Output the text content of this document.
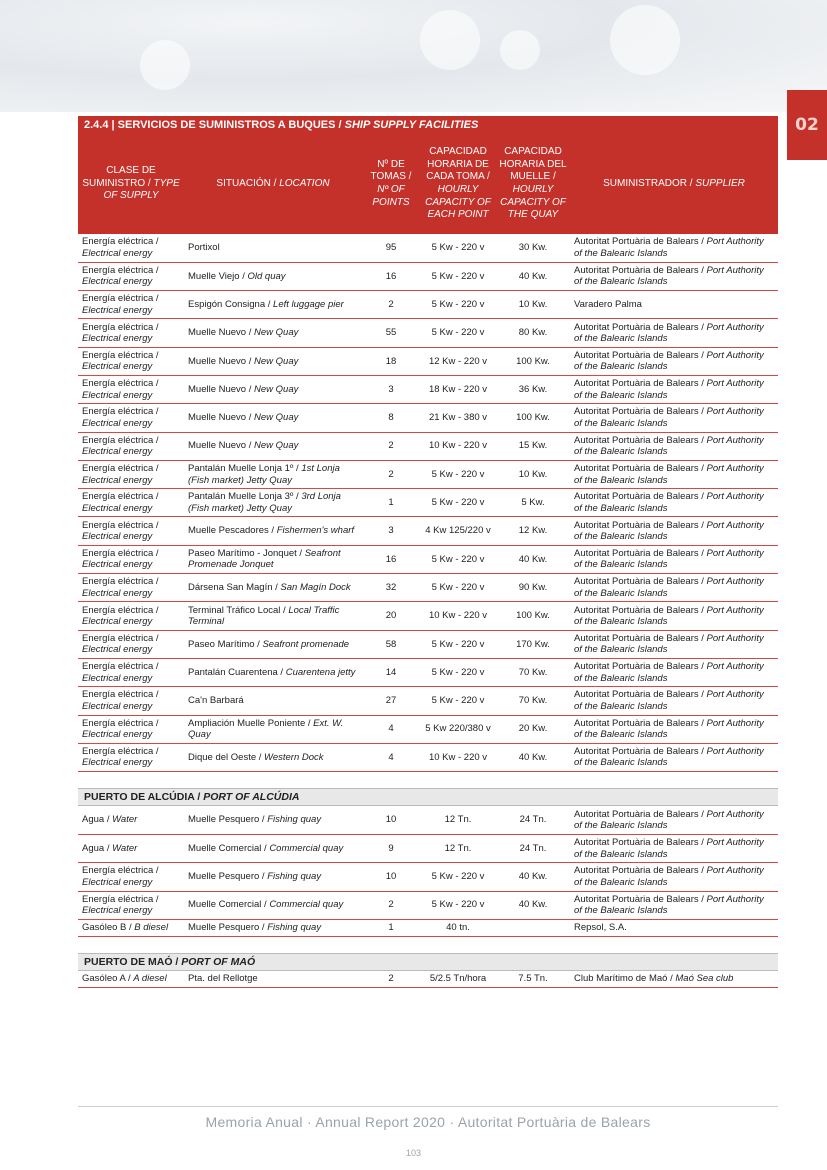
02
2.4.4 | SERVICIOS DE SUMINISTROS A BUQUES / SHIP SUPPLY FACILITIES
CLASE DE SUMINISTRO / TYPE OF SUPPLY	SITUACIÓN / LOCATION	Nº DE TOMAS / Nº OF POINTS	CAPACIDAD HORARIA DE CADA TOMA / HOURLY CAPACITY OF EACH POINT	CAPACIDAD HORARIA DEL MUELLE / HOURLY CAPACITY OF THE QUAY	SUMINISTRADOR / SUPPLIER
Energía eléctrica / Electrical energy	Portixol	95	5 Kw - 220 v	30 Kw.	Autoritat Portuària de Balears / Port Authority of the Balearic Islands
Energía eléctrica / Electrical energy	Muelle Viejo / Old quay	16	5 Kw - 220 v	40 Kw.	Autoritat Portuària de Balears / Port Authority of the Balearic Islands
Energía eléctrica / Electrical energy	Espigón Consigna / Left luggage pier	2	5 Kw - 220 v	10 Kw.	Varadero Palma
Energía eléctrica / Electrical energy	Muelle Nuevo / New Quay	55	5 Kw - 220 v	80 Kw.	Autoritat Portuària de Balears / Port Authority of the Balearic Islands
Energía eléctrica / Electrical energy	Muelle Nuevo / New Quay	18	12 Kw - 220 v	100 Kw.	Autoritat Portuària de Balears / Port Authority of the Balearic Islands
Energía eléctrica / Electrical energy	Muelle Nuevo / New Quay	3	18 Kw - 220 v	36 Kw.	Autoritat Portuària de Balears / Port Authority of the Balearic Islands
Energía eléctrica / Electrical energy	Muelle Nuevo / New Quay	8	21 Kw - 380 v	100 Kw.	Autoritat Portuària de Balears / Port Authority of the Balearic Islands
Energía eléctrica / Electrical energy	Muelle Nuevo / New Quay	2	10 Kw - 220 v	15 Kw.	Autoritat Portuària de Balears / Port Authority of the Balearic Islands
Energía eléctrica / Electrical energy	Pantalán Muelle Lonja 1º / 1st Lonja (Fish market) Jetty Quay	2	5 Kw - 220 v	10 Kw.	Autoritat Portuària de Balears / Port Authority of the Balearic Islands
Energía eléctrica / Electrical energy	Pantalán Muelle Lonja 3º / 3rd Lonja (Fish market) Jetty Quay	1	5 Kw - 220 v	5 Kw.	Autoritat Portuària de Balears / Port Authority of the Balearic Islands
Energía eléctrica / Electrical energy	Muelle Pescadores / Fishermen's wharf	3	4 Kw 125/220 v	12 Kw.	Autoritat Portuària de Balears / Port Authority of the Balearic Islands
Energía eléctrica / Electrical energy	Paseo Marítimo - Jonquet / Seafront Promenade Jonquet	16	5 Kw - 220 v	40 Kw.	Autoritat Portuària de Balears / Port Authority of the Balearic Islands
Energía eléctrica / Electrical energy	Dársena San Magín / San Magín Dock	32	5 Kw - 220 v	90 Kw.	Autoritat Portuària de Balears / Port Authority of the Balearic Islands
Energía eléctrica / Electrical energy	Terminal Tráfico Local / Local Traffic Terminal	20	10 Kw - 220 v	100 Kw.	Autoritat Portuària de Balears / Port Authority of the Balearic Islands
Energía eléctrica / Electrical energy	Paseo Marítimo / Seafront promenade	58	5 Kw - 220 v	170 Kw.	Autoritat Portuària de Balears / Port Authority of the Balearic Islands
Energía eléctrica / Electrical energy	Pantalán Cuarentena / Cuarentena jetty	14	5 Kw - 220 v	70 Kw.	Autoritat Portuària de Balears / Port Authority of the Balearic Islands
Energía eléctrica / Electrical energy	Ca'n Barbará	27	5 Kw - 220 v	70 Kw.	Autoritat Portuària de Balears / Port Authority of the Balearic Islands
Energía eléctrica / Electrical energy	Ampliación Muelle Poniente / Ext. W. Quay	4	5 Kw 220/380 v	20 Kw.	Autoritat Portuària de Balears / Port Authority of the Balearic Islands
Energía eléctrica / Electrical energy	Dique del Oeste / Western Dock	4	10 Kw - 220 v	40 Kw.	Autoritat Portuària de Balears / Port Authority of the Balearic Islands
PUERTO DE ALCÚDIA / PORT OF ALCÚDIA
Agua / Water	Muelle Pesquero / Fishing quay	10	12 Tn.	24 Tn.	Autoritat Portuària de Balears / Port Authority of the Balearic Islands
Agua / Water	Muelle Comercial / Commercial quay	9	12 Tn.	24 Tn.	Autoritat Portuària de Balears / Port Authority of the Balearic Islands
Energía eléctrica / Electrical energy	Muelle Pesquero / Fishing quay	10	5 Kw - 220 v	40 Kw.	Autoritat Portuària de Balears / Port Authority of the Balearic Islands
Energía eléctrica / Electrical energy	Muelle Comercial / Commercial quay	2	5 Kw - 220 v	40 Kw.	Autoritat Portuària de Balears / Port Authority of the Balearic Islands
Gasóleo B / B diesel	Muelle Pesquero / Fishing quay	1	40 tn.		Repsol, S.A.
PUERTO DE MAÓ / PORT OF MAÓ
Gasóleo A / A diesel	Pta. del Rellotge	2	5/2.5 Tn/hora	7.5 Tn.	Club Marítimo de Maó / Maó Sea club
Memoria Anual · Annual Report 2020 · Autoritat Portuària de Balears
103
